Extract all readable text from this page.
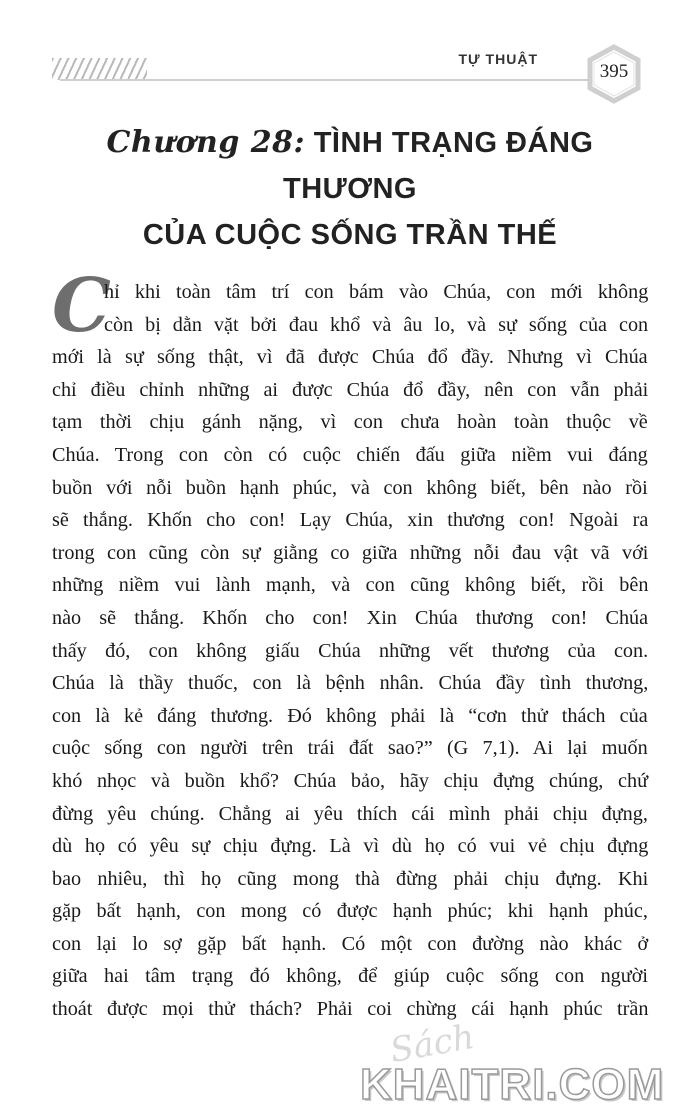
TỰ THUẬT
395
Chương 28: TÌNH TRẠNG ĐÁNG THƯƠNG
CỦA CUỘC SỐNG TRẦN THẾ
C
hỉ khi toàn tâm trí con bám vào Chúa, con mới không
còn bị dằn vặt bởi đau khổ và âu lo, và sự sống của con
mới là sự sống thật, vì đã được Chúa đổ đầy. Nhưng vì Chúa
chỉ điều chỉnh những ai được Chúa đổ đầy, nên con vẫn phải
tạm thời chịu gánh nặng, vì con chưa hoàn toàn thuộc về
Chúa. Trong con còn có cuộc chiến đấu giữa niềm vui đáng
buồn với nỗi buồn hạnh phúc, và con không biết, bên nào rồi
sẽ thắng. Khốn cho con! Lạy Chúa, xin thương con! Ngoài ra
trong con cũng còn sự giằng co giữa những nỗi đau vật vã với
những niềm vui lành mạnh, và con cũng không biết, rồi bên
nào sẽ thắng. Khốn cho con! Xin Chúa thương con! Chúa
thấy đó, con không giấu Chúa những vết thương của con.
Chúa là thầy thuốc, con là bệnh nhân. Chúa đầy tình thương,
con là kẻ đáng thương. Đó không phải là “cơn thử thách của
cuộc sống con người trên trái đất sao?” (G 7,1). Ai lại muốn
khó nhọc và buồn khổ? Chúa bảo, hãy chịu đựng chúng, chứ
đừng yêu chúng. Chẳng ai yêu thích cái mình phải chịu đựng,
dù họ có yêu sự chịu đựng. Là vì dù họ có vui vẻ chịu đựng
bao nhiêu, thì họ cũng mong thà đừng phải chịu đựng. Khi
gặp bất hạnh, con mong có được hạnh phúc; khi hạnh phúc,
con lại lo sợ gặp bất hạnh. Có một con đường nào khác ở
giữa hai tâm trạng đó không, để giúp cuộc sống con người
thoát được mọi thử thách? Phải coi chừng cái hạnh phúc trần
Sách
KHAITRI.COM
